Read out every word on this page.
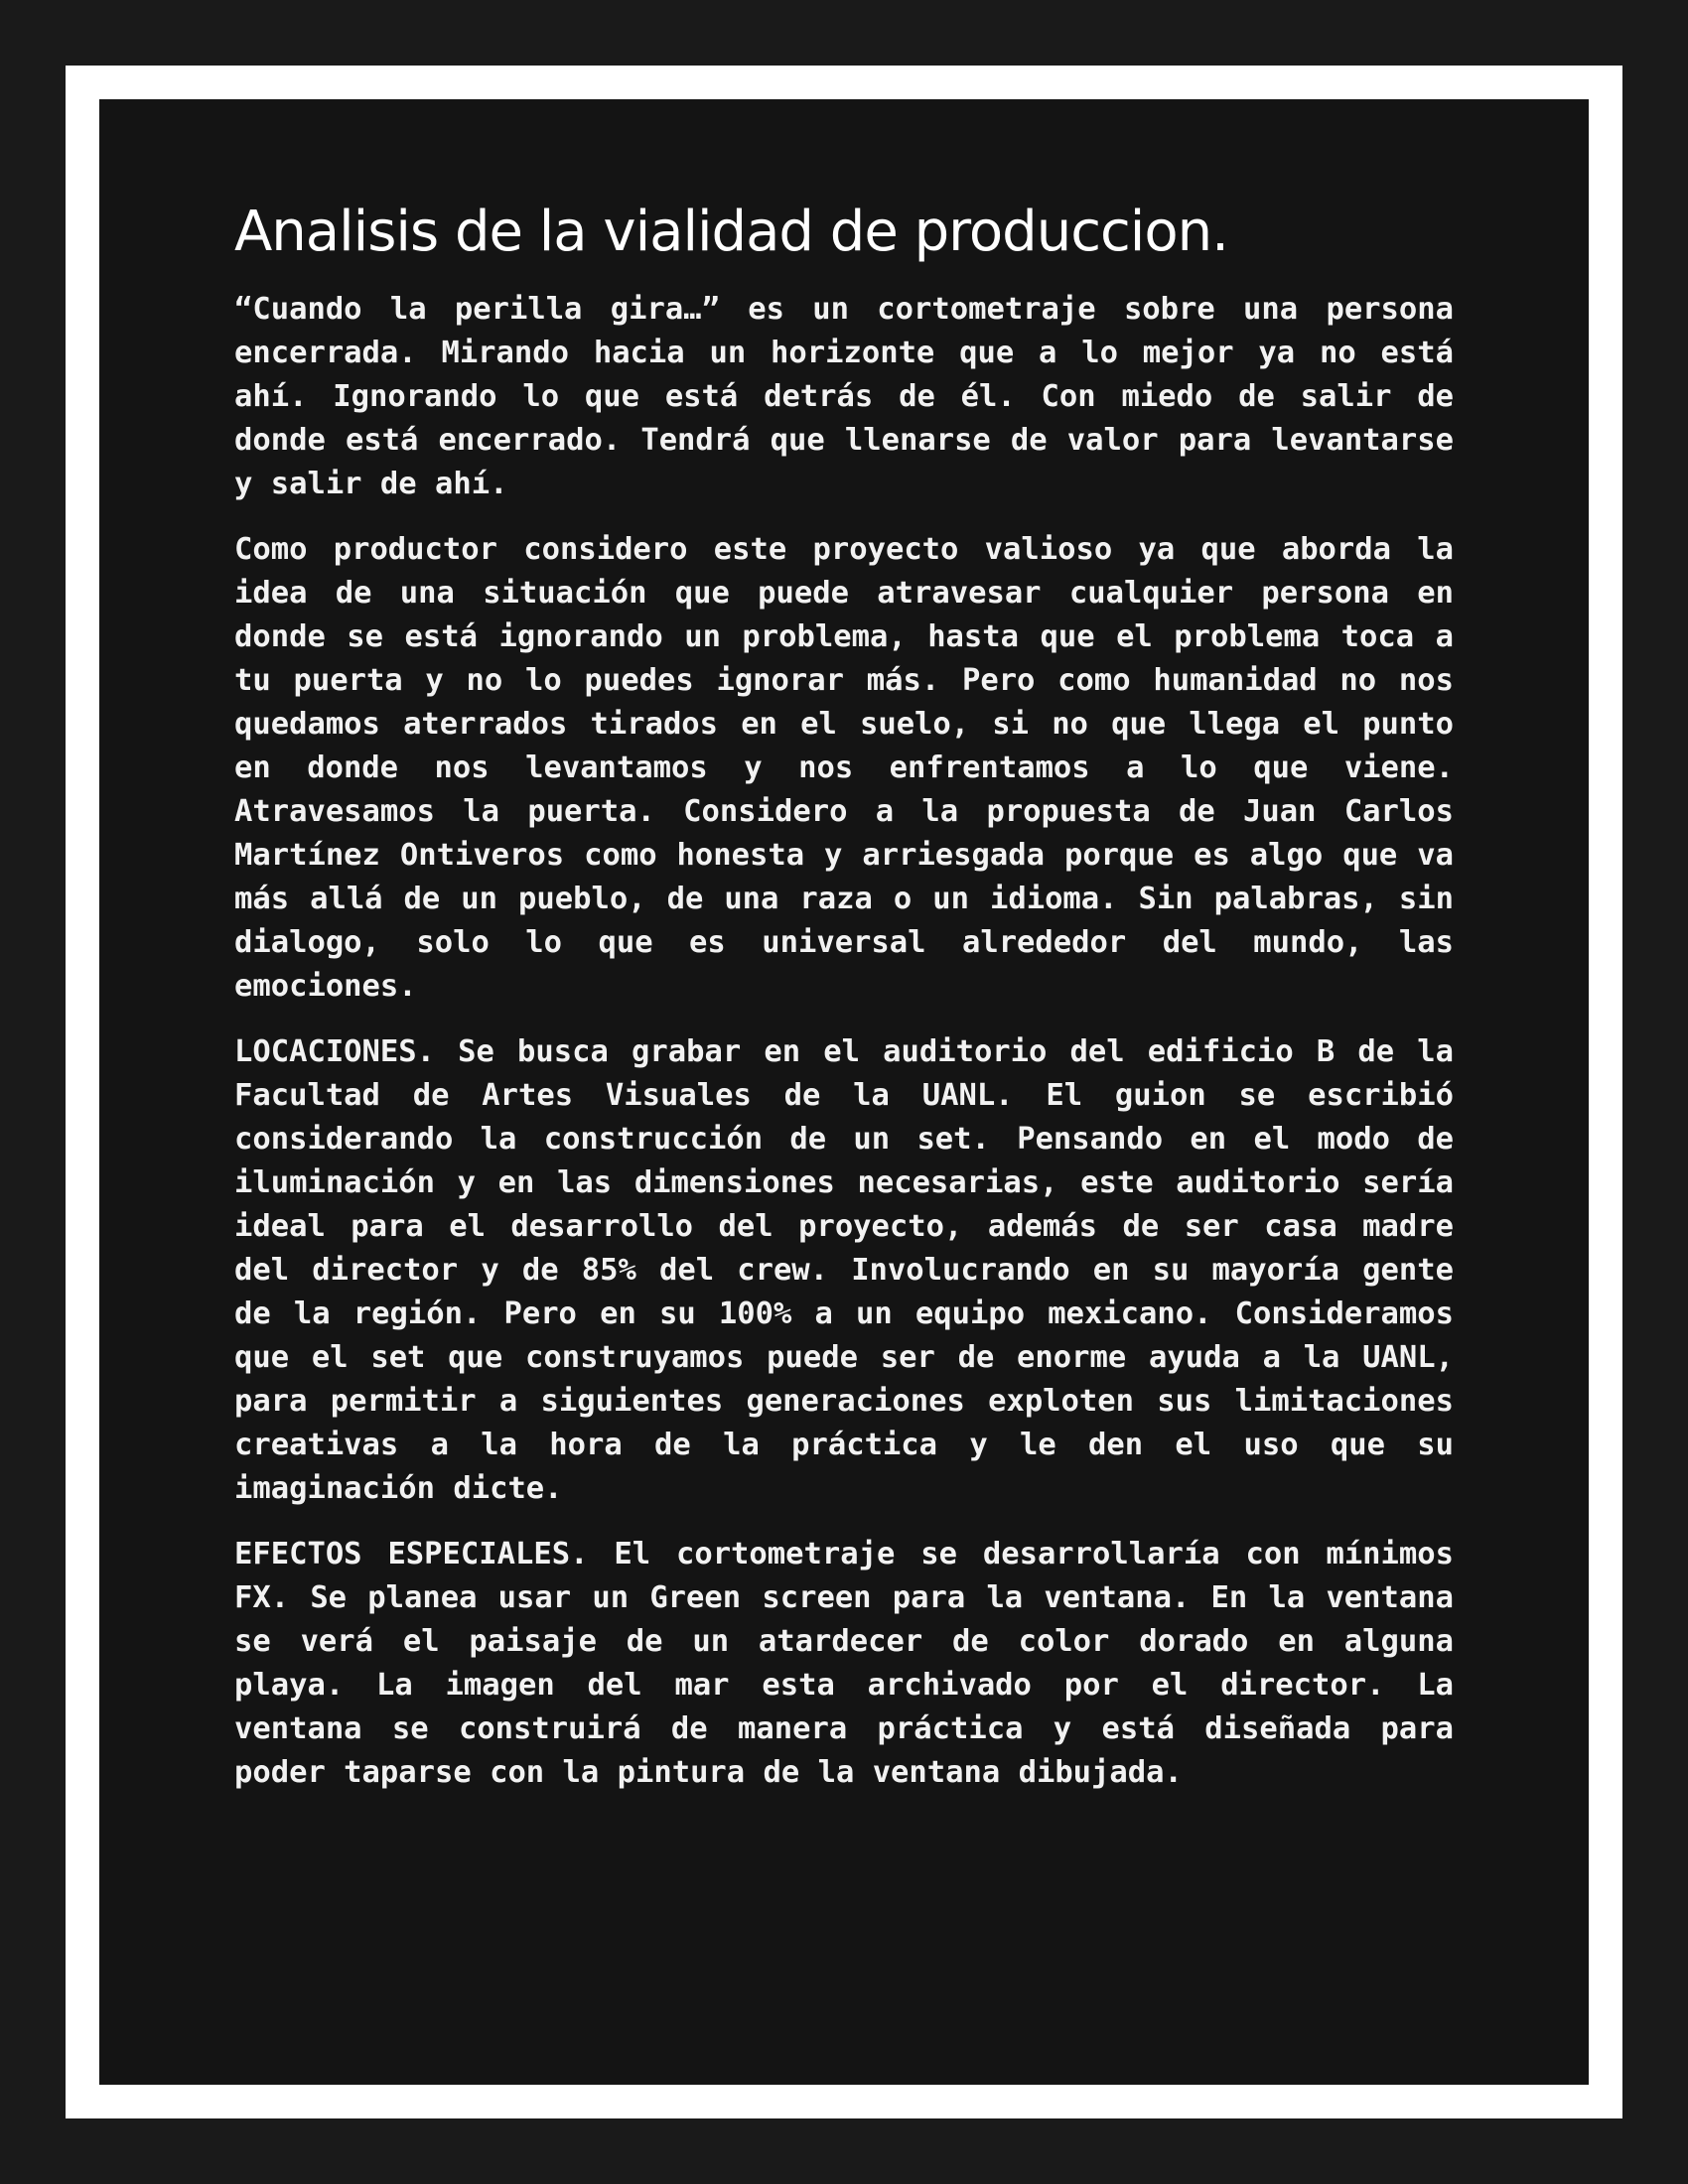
Analisis de la vialidad de produccion.

“Cuando la perilla gira…” es un cortometraje sobre una persona encerrada. Mirando hacia un horizonte que a lo mejor ya no está ahí. Ignorando lo que está detrás de él. Con miedo de salir de donde está encerrado. Tendrá que llenarse de valor para levantarse y salir de ahí.

Como productor considero este proyecto valioso ya que aborda la idea de una situación que puede atravesar cualquier persona en donde se está ignorando un problema, hasta que el problema toca a tu puerta y no lo puedes ignorar más. Pero como humanidad no nos quedamos aterrados tirados en el suelo, si no que llega el punto en donde nos levantamos y nos enfrentamos a lo que viene. Atravesamos la puerta. Considero a la propuesta de Juan Carlos Martínez Ontiveros como honesta y arriesgada porque es algo que va más allá de un pueblo, de una raza o un idioma. Sin palabras, sin dialogo, solo lo que es universal alrededor del mundo, las emociones.

LOCACIONES. Se busca grabar en el auditorio del edificio B de la Facultad de Artes Visuales de la UANL. El guion se escribió considerando la construcción de un set. Pensando en el modo de iluminación y en las dimensiones necesarias, este auditorio sería ideal para el desarrollo del proyecto, además de ser casa madre del director y de 85% del crew. Involucrando en su mayoría gente de la región. Pero en su 100% a un equipo mexicano. Consideramos que el set que construyamos puede ser de enorme ayuda a la UANL, para permitir a siguientes generaciones exploten sus limitaciones creativas a la hora de la práctica y le den el uso que su imaginación dicte.

EFECTOS ESPECIALES. El cortometraje se desarrollaría con mínimos FX. Se planea usar un Green screen para la ventana. En la ventana se verá el paisaje de un atardecer de color dorado en alguna playa. La imagen del mar esta archivado por el director. La ventana se construirá de manera práctica y está diseñada para poder taparse con la pintura de la ventana dibujada.
